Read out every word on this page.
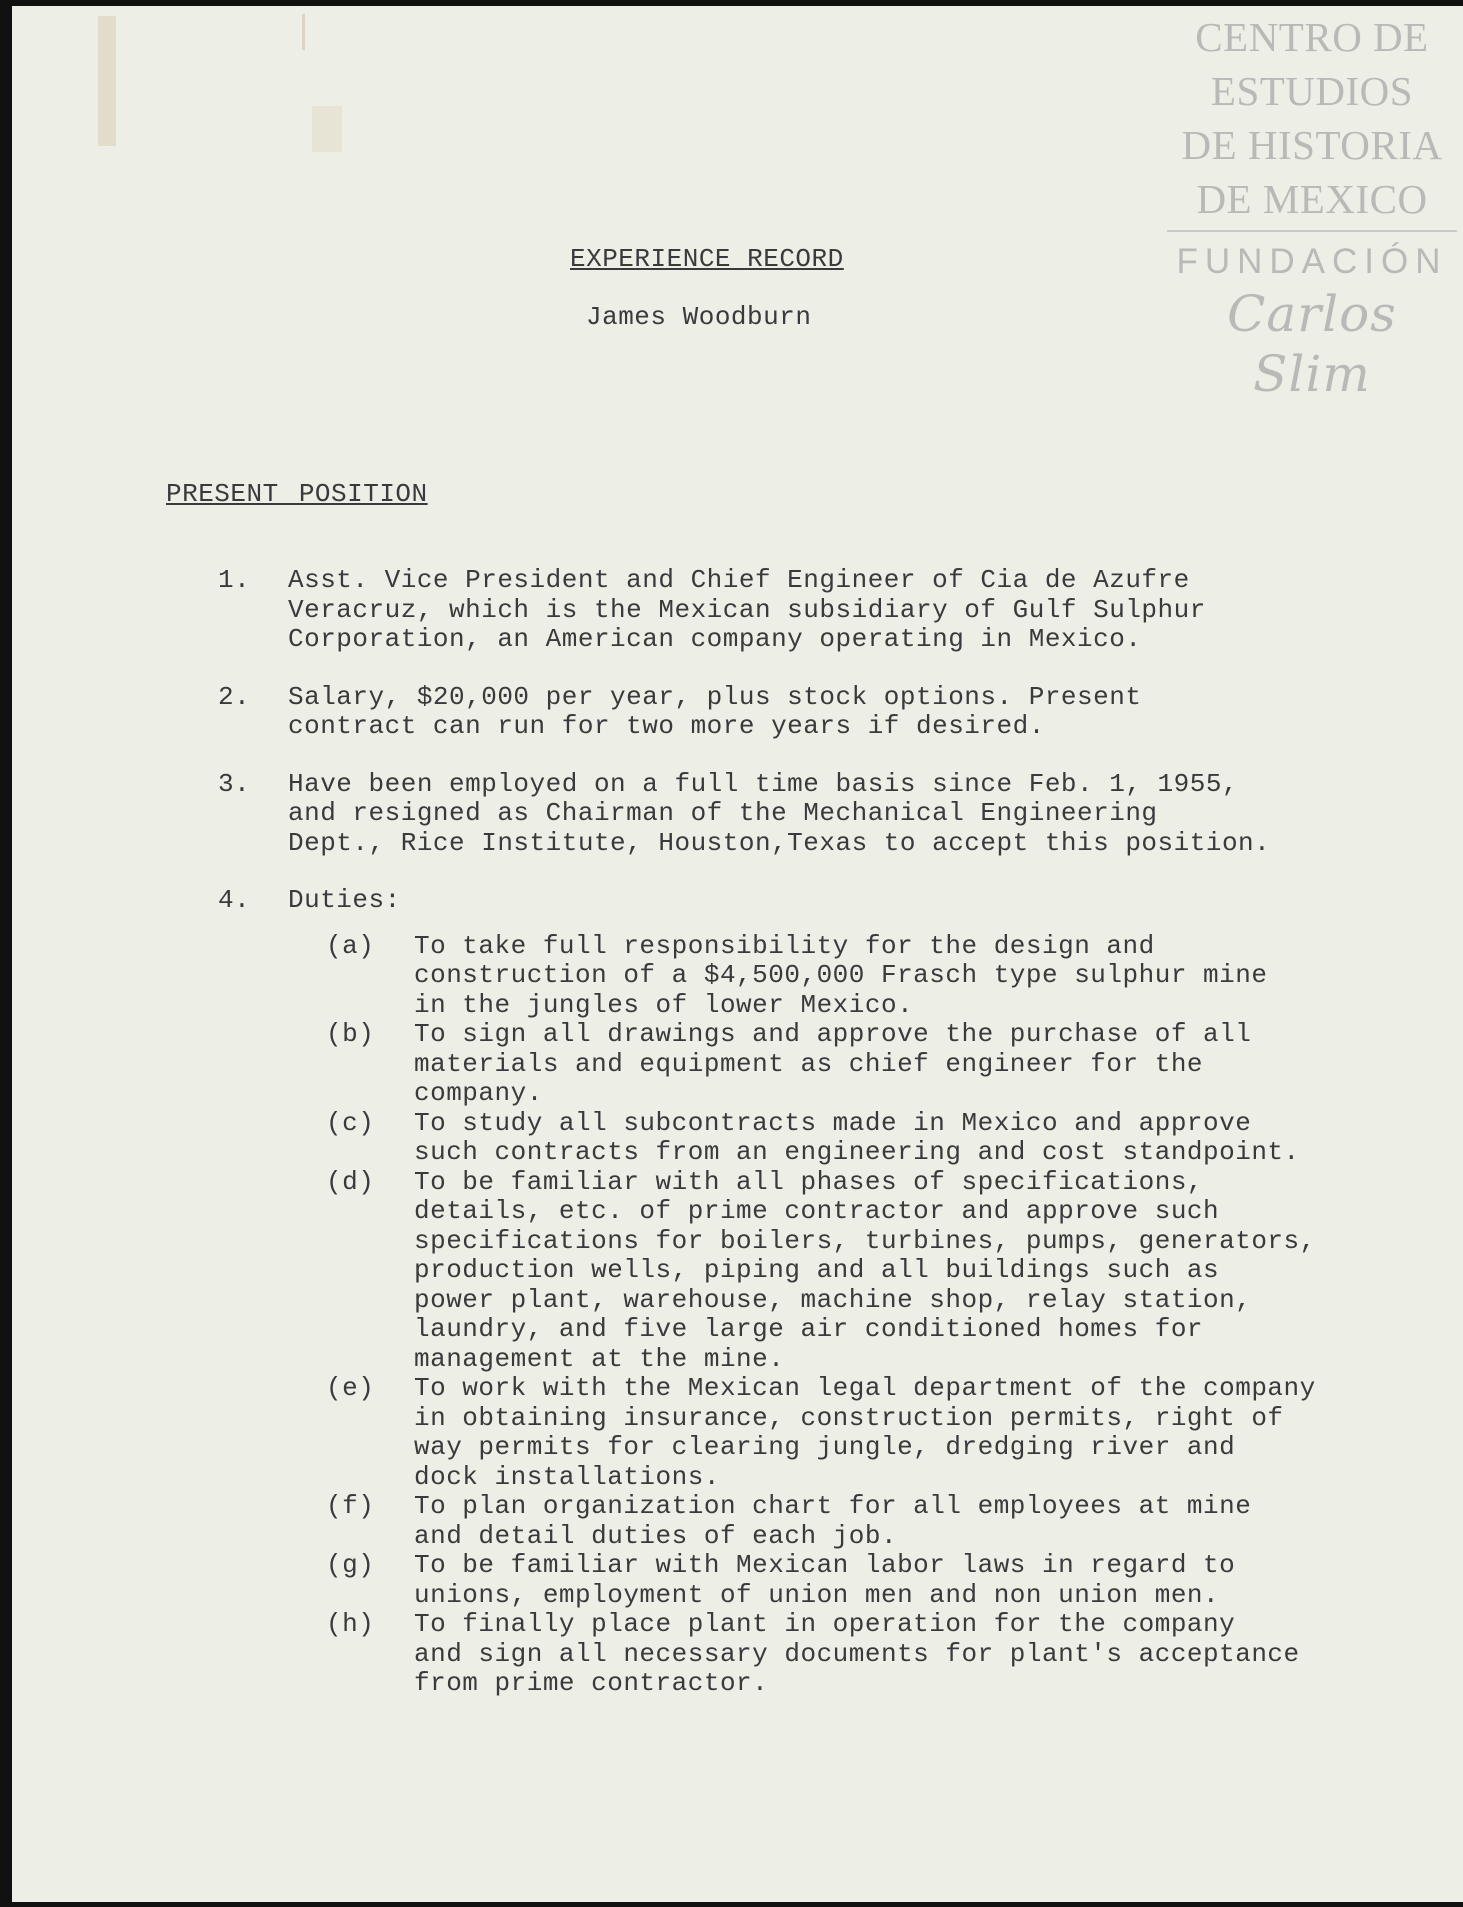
CENTRO DE
ESTUDIOS
DE HISTORIA
DE MEXICO
FUNDACIÓN
Carlos Slim
EXPERIENCE RECORD
James Woodburn
PRESENT POSITION
1.	Asst. Vice President and Chief Engineer of Cia de Azufre
Veracruz, which is the Mexican subsidiary of Gulf Sulphur
Corporation, an American company operating in Mexico.
2.	Salary, $20,000 per year, plus stock options. Present
contract can run for two more years if desired.
3.	Have been employed on a full time basis since Feb. 1, 1955,
and resigned as Chairman of the Mechanical Engineering
Dept., Rice Institute, Houston,Texas to accept this position.
4.	Duties:
(a)	To take full responsibility for the design and
construction of a $4,500,000 Frasch type sulphur mine
in the jungles of lower Mexico.
(b)	To sign all drawings and approve the purchase of all
materials and equipment as chief engineer for the
company.
(c)	To study all subcontracts made in Mexico and approve
such contracts from an engineering and cost standpoint.
(d)	To be familiar with all phases of specifications,
details, etc. of prime contractor and approve such
specifications for boilers, turbines, pumps, generators,
production wells, piping and all buildings such as
power plant, warehouse, machine shop, relay station,
laundry, and five large air conditioned homes for
management at the mine.
(e)	To work with the Mexican legal department of the company
in obtaining insurance, construction permits, right of
way permits for clearing jungle, dredging river and
dock installations.
(f)	To plan organization chart for all employees at mine
and detail duties of each job.
(g)	To be familiar with Mexican labor laws in regard to
unions, employment of union men and non union men.
(h)	To finally place plant in operation for the company
and sign all necessary documents for plant's acceptance
from prime contractor.
